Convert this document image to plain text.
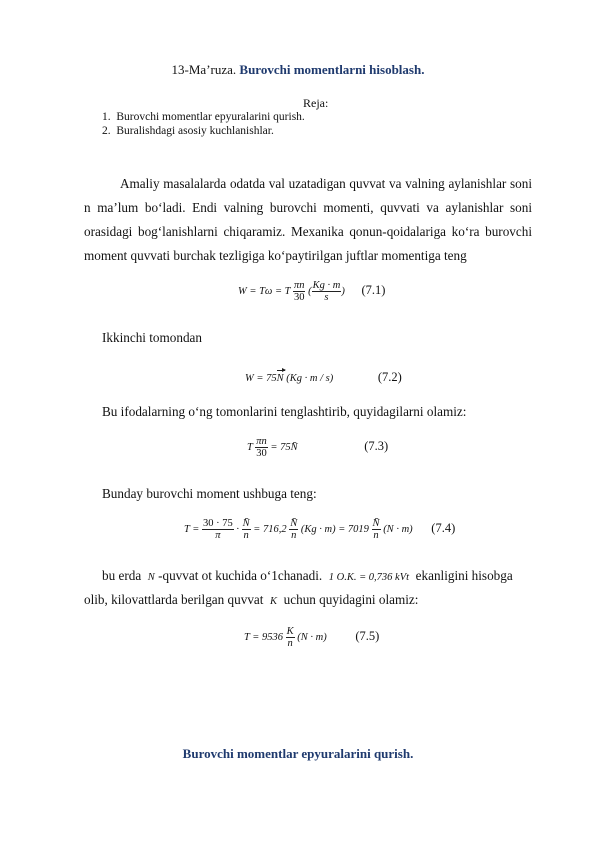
13-Ma’ruza. Burovchi momentlarni hisoblash.
Reja:
1.  Burovchi momentlar epyuralarini qurish.
2.  Buralishdagi asosiy kuchlanishlar.
Amaliy masalalarda odatda val uzatadigan quvvat va valning aylanishlar soni n ma’lum bo‘ladi. Endi valning burovchi momenti, quvvati va aylanishlar soni orasidagi bog‘lanishlarni chiqaramiz. Mexanika qonun-qoidalariga ko‘ra burovchi moment quvvati burchak tezligiga ko‘paytirilgan juftlar momentiga teng
W = Tω = T $\frac{\pi n}{30}$ ( $\frac{Kg \cdot m}{s}$ ) (7.1)
Ikkinchi tomondan
W = 75N (Kg · m / s)	(7.2)
Bu ifodalarning o‘ng tomonlarini tenglashtirib, quyidagilarni olamiz:
T $\frac{\pi n}{30}$ = 75N̄	(7.3)
Bunday burovchi moment ushbuga teng:
$T = \frac{30 \cdot 75}{\pi} \cdot \frac{N̄}{n} = 716,2 \frac{N̄}{n} (Kg \cdot m) = 7019 \frac{N̄}{n} (N \cdot m)$ (7.4)
bu erda N -quvvat ot kuchida o‘1chanadi. 1 O.K. = 0,736 kVt ekanligini hisobga
olib, kilovattlarda berilgan quvvat K uchun quyidagini olamiz:
$T = 9536 \frac{K}{n} (N \cdot m)$ (7.5)
Burovchi momentlar epyuralarini qurish.
